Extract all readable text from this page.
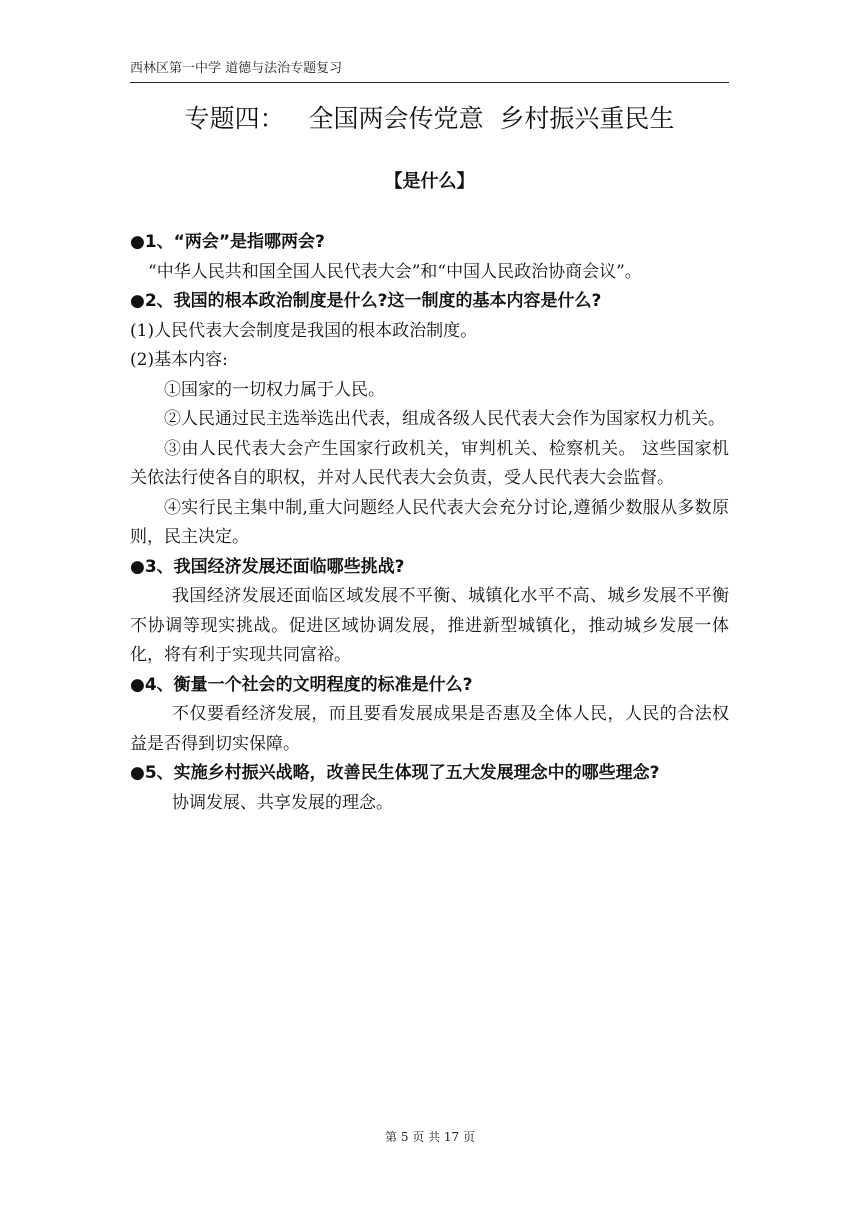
西林区第一中学 道德与法治专题复习
专题四：   全国两会传党意  乡村振兴重民生
【是什么】

●1、“两会”是指哪两会?

“中华人民共和国全国人民代表大会”和“中国人民政治协商会议”。

●2、我国的根本政治制度是什么?这一制度的基本内容是什么?

(1)人民代表大会制度是我国的根本政治制度。

(2)基本内容:

①国家的一切权力属于人民。

②人民通过民主选举选出代表，组成各级人民代表大会作为国家权力机关。

③由人民代表大会产生国家行政机关，审判机关、检察机关。 这些国家机关依法行使各自的职权，并对人民代表大会负责，受人民代表大会监督。

④实行民主集中制,重大问题经人民代表大会充分讨论,遵循少数服从多数原则，民主决定。

●3、我国经济发展还面临哪些挑战?

我国经济发展还面临区域发展不平衡、城镇化水平不高、城乡发展不平衡不协调等现实挑战。促进区域协调发展，推进新型城镇化，推动城乡发展一体化，将有利于实现共同富裕。

●4、衡量一个社会的文明程度的标准是什么?

不仅要看经济发展，而且要看发展成果是否惠及全体人民，人民的合法权益是否得到切实保障。

●5、实施乡村振兴战略，改善民生体现了五大发展理念中的哪些理念?

协调发展、共享发展的理念。

第 5 页 共 17 页
